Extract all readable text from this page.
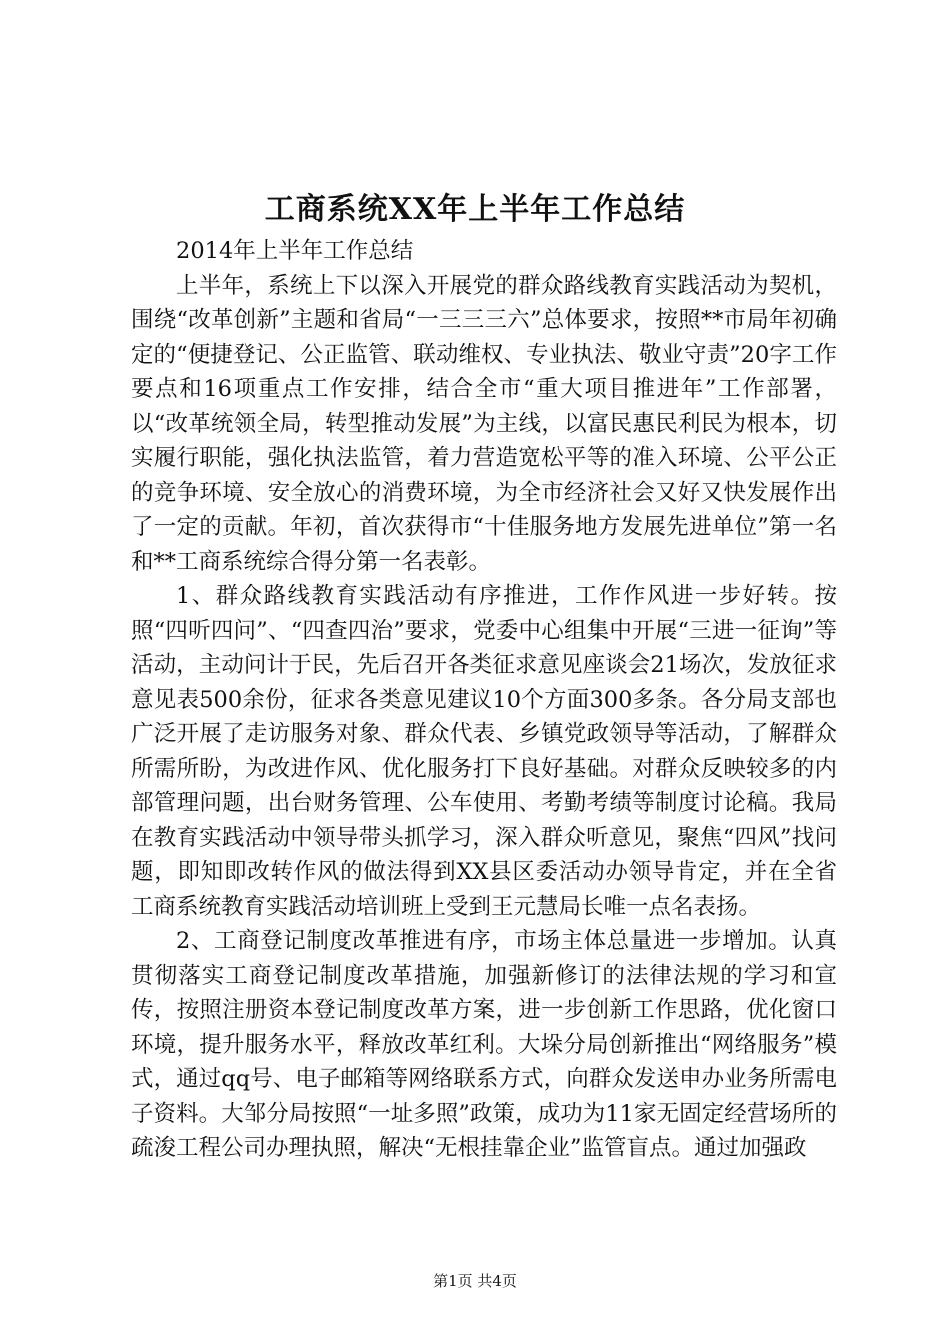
工商系统XX年上半年工作总结

2014年上半年工作总结

上半年，系统上下以深入开展党的群众路线教育实践活动为契机，围绕“改革创新”主题和省局“一三三三六”总体要求，按照**市局年初确定的“便捷登记、公正监管、联动维权、专业执法、敬业守责”20字工作要点和16项重点工作安排，结合全市“重大项目推进年”工作部署，以“改革统领全局，转型推动发展”为主线，以富民惠民利民为根本，切实履行职能，强化执法监管，着力营造宽松平等的准入环境、公平公正的竞争环境、安全放心的消费环境，为全市经济社会又好又快发展作出了一定的贡献。年初，首次获得市“十佳服务地方发展先进单位”第一名和**工商系统综合得分第一名表彰。

1、群众路线教育实践活动有序推进，工作作风进一步好转。按照“四听四问”、“四查四治”要求，党委中心组集中开展“三进一征询”等活动，主动问计于民，先后召开各类征求意见座谈会21场次，发放征求意见表500余份，征求各类意见建议10个方面300多条。各分局支部也广泛开展了走访服务对象、群众代表、乡镇党政领导等活动，了解群众所需所盼，为改进作风、优化服务打下良好基础。对群众反映较多的内部管理问题，出台财务管理、公车使用、考勤考绩等制度讨论稿。我局在教育实践活动中领导带头抓学习，深入群众听意见，聚焦“四风”找问题，即知即改转作风的做法得到XX县区委活动办领导肯定，并在全省工商系统教育实践活动培训班上受到王元慧局长唯一点名表扬。

2、工商登记制度改革推进有序，市场主体总量进一步增加。认真贯彻落实工商登记制度改革措施，加强新修订的法律法规的学习和宣传，按照注册资本登记制度改革方案，进一步创新工作思路，优化窗口环境，提升服务水平，释放改革红利。大垛分局创新推出“网络服务”模式，通过qq号、电子邮箱等网络联系方式，向群众发送申办业务所需电子资料。大邹分局按照“一址多照”政策，成功为11家无固定经营场所的疏浚工程公司办理执照，解决“无根挂靠企业”监管盲点。通过加强政

第1页 共4页
